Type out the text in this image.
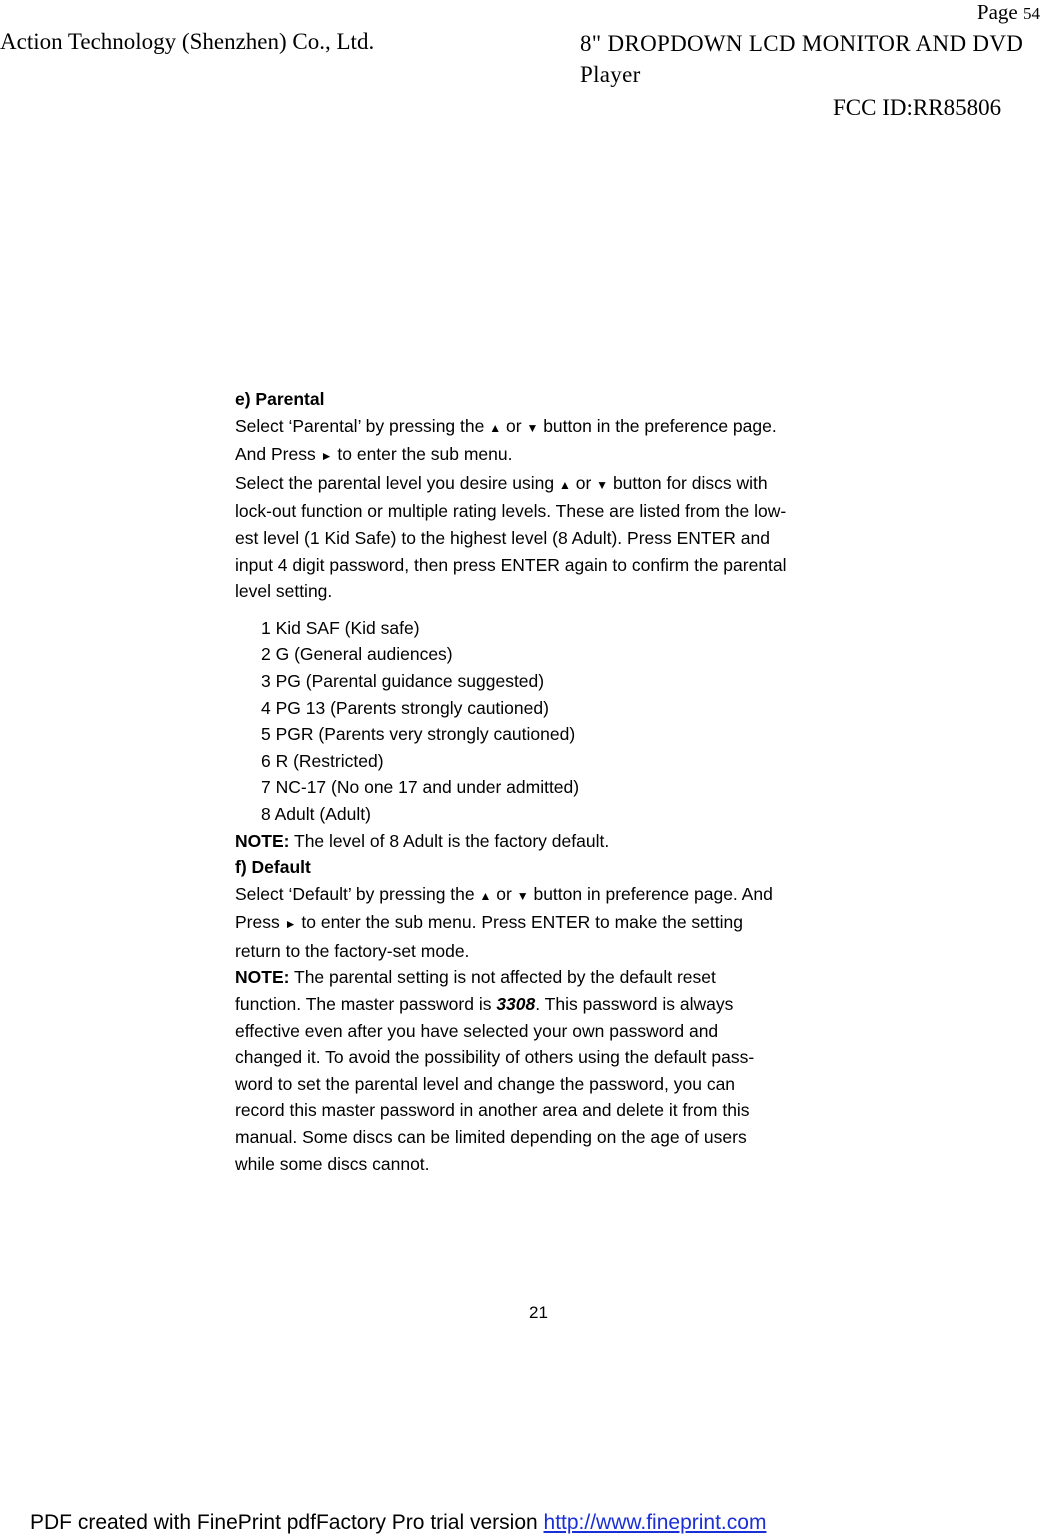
Page 54
Action Technology (Shenzhen) Co., Ltd.	8" DROPDOWN LCD MONITOR AND DVD
Player
FCC ID:RR85806

e) Parental

Select ‘Parental’ by pressing the ▲ or ▼ button in the preference page.

And Press ► to enter the sub menu.

Select the parental level you desire using ▲ or ▼ button for discs with

lock-out function or multiple rating levels. These are listed from the low-

est level (1 Kid Safe) to the highest level (8 Adult). Press ENTER and

input 4 digit password, then press ENTER again to confirm the parental

level setting.

1 Kid SAF (Kid safe)

2 G (General audiences)

3 PG (Parental guidance suggested)

4 PG 13 (Parents strongly cautioned)

5 PGR (Parents very strongly cautioned)

6 R (Restricted)

7 NC-17 (No one 17 and under admitted)

8 Adult (Adult)

NOTE: The level of 8 Adult is the factory default.

f) Default

Select ‘Default’ by pressing the ▲ or ▼ button in preference page. And

Press ► to enter the sub menu. Press ENTER to make the setting

return to the factory-set mode.

NOTE: The parental setting is not affected by the default reset

function. The master password is 3308. This password is always

effective even after you have selected your own password and

changed it. To avoid the possibility of others using the default pass-

word to set the parental level and change the password, you can

record this master password in another area and delete it from this

manual. Some discs can be limited depending on the age of users

while some discs cannot.

21
PDF created with FinePrint pdfFactory Pro trial version http://www.fineprint.com
